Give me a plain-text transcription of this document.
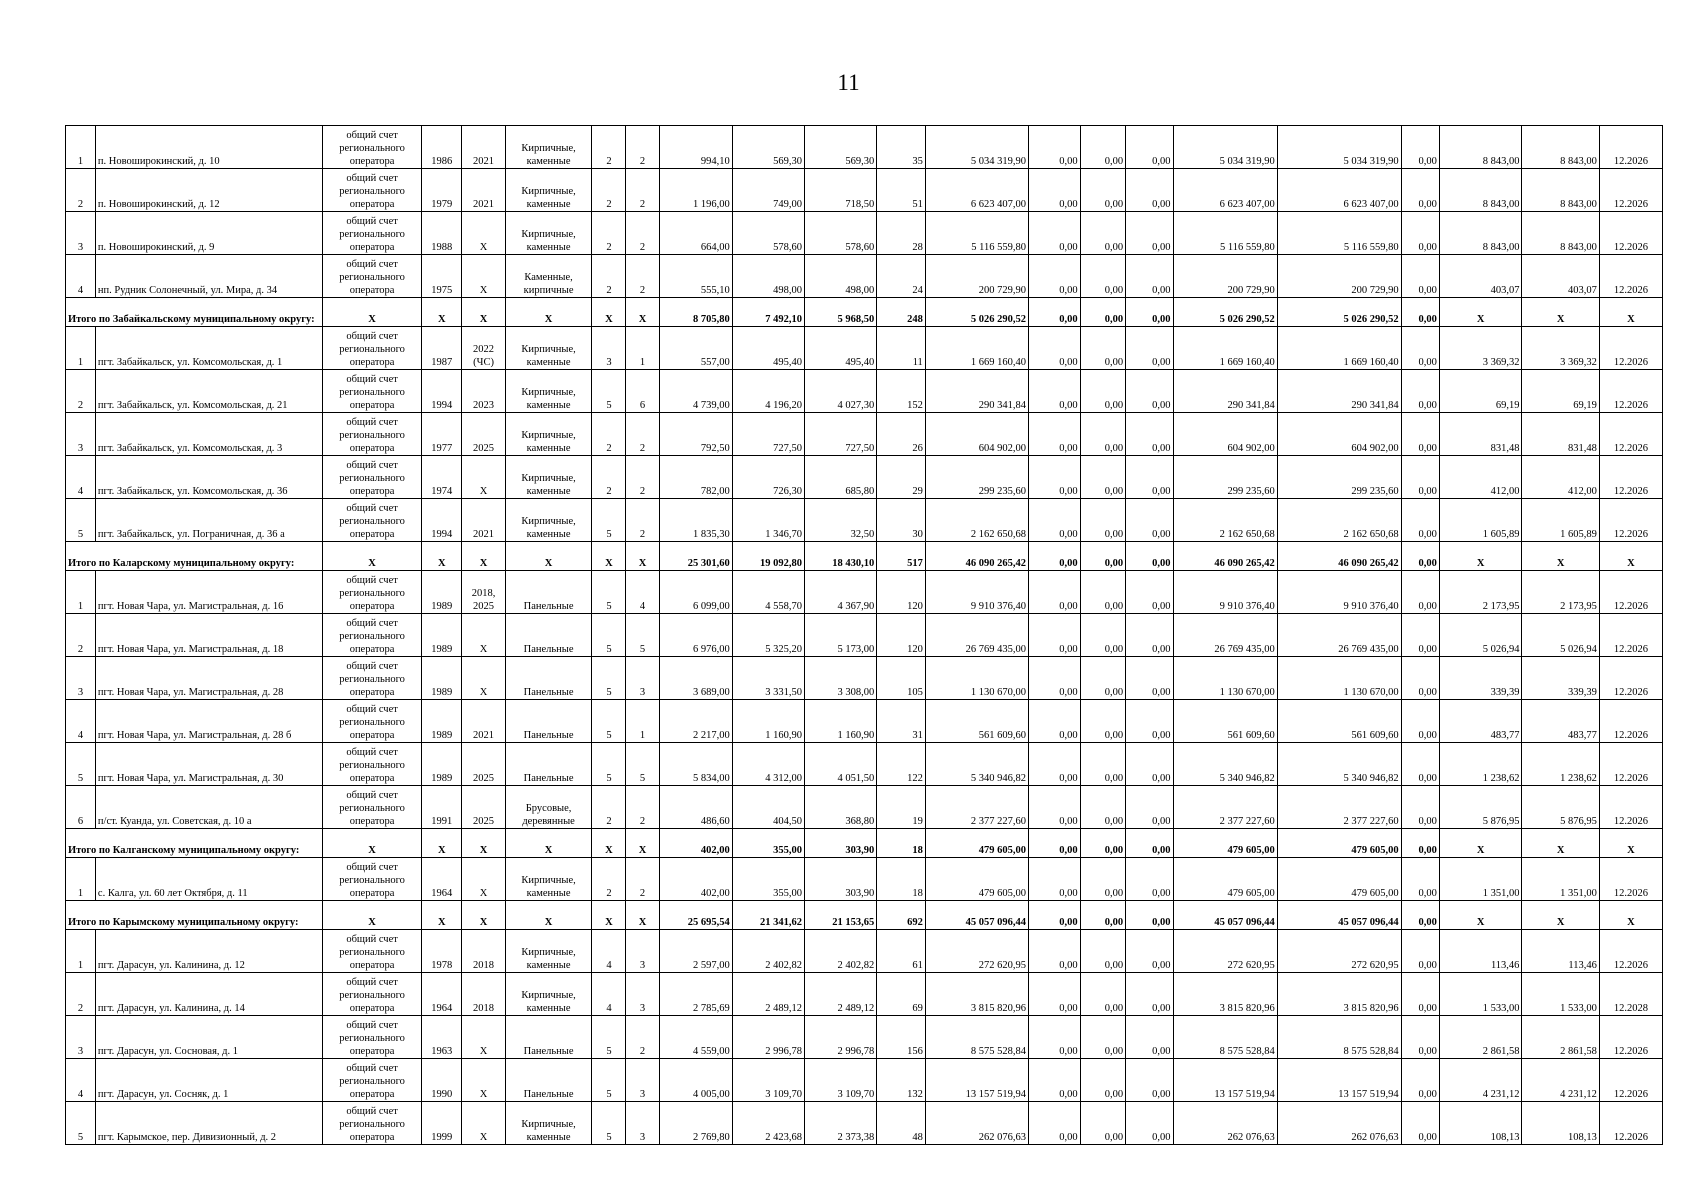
11
1	п. Новоширокинский, д. 10	общий счет регионального оператора	1986	2021	Кирпичные, каменные	2	2	994,10	569,30	569,30	35	5 034 319,90	0,00	0,00	0,00	5 034 319,90	5 034 319,90	0,00	8 843,00	8 843,00	12.2026
2	п. Новоширокинский, д. 12	общий счет регионального оператора	1979	2021	Кирпичные, каменные	2	2	1 196,00	749,00	718,50	51	6 623 407,00	0,00	0,00	0,00	6 623 407,00	6 623 407,00	0,00	8 843,00	8 843,00	12.2026
3	п. Новоширокинский, д. 9	общий счет регионального оператора	1988	Х	Кирпичные, каменные	2	2	664,00	578,60	578,60	28	5 116 559,80	0,00	0,00	0,00	5 116 559,80	5 116 559,80	0,00	8 843,00	8 843,00	12.2026
4	нп. Рудник Солонечный, ул. Мира, д. 34	общий счет регионального оператора	1975	Х	Каменные, кирпичные	2	2	555,10	498,00	498,00	24	200 729,90	0,00	0,00	0,00	200 729,90	200 729,90	0,00	403,07	403,07	12.2026
Итого по Забайкальскому муниципальному округу:		Х	Х	Х	Х	Х	Х	8 705,80	7 492,10	5 968,50	248	5 026 290,52	0,00	0,00	0,00	5 026 290,52	5 026 290,52	0,00	Х	Х	Х
1	пгт. Забайкальск, ул. Комсомольская, д. 1	общий счет регионального оператора	1987	2022 (ЧС)	Кирпичные, каменные	3	1	557,00	495,40	495,40	11	1 669 160,40	0,00	0,00	0,00	1 669 160,40	1 669 160,40	0,00	3 369,32	3 369,32	12.2026
2	пгт. Забайкальск, ул. Комсомольская, д. 21	общий счет регионального оператора	1994	2023	Кирпичные, каменные	5	6	4 739,00	4 196,20	4 027,30	152	290 341,84	0,00	0,00	0,00	290 341,84	290 341,84	0,00	69,19	69,19	12.2026
3	пгт. Забайкальск, ул. Комсомольская, д. 3	общий счет регионального оператора	1977	2025	Кирпичные, каменные	2	2	792,50	727,50	727,50	26	604 902,00	0,00	0,00	0,00	604 902,00	604 902,00	0,00	831,48	831,48	12.2026
4	пгт. Забайкальск, ул. Комсомольская, д. 36	общий счет регионального оператора	1974	Х	Кирпичные, каменные	2	2	782,00	726,30	685,80	29	299 235,60	0,00	0,00	0,00	299 235,60	299 235,60	0,00	412,00	412,00	12.2026
5	пгт. Забайкальск, ул. Пограничная, д. 36 а	общий счет регионального оператора	1994	2021	Кирпичные, каменные	5	2	1 835,30	1 346,70	32,50	30	2 162 650,68	0,00	0,00	0,00	2 162 650,68	2 162 650,68	0,00	1 605,89	1 605,89	12.2026
Итого по Каларскому муниципальному округу:		Х	Х	Х	Х	Х	Х	25 301,60	19 092,80	18 430,10	517	46 090 265,42	0,00	0,00	0,00	46 090 265,42	46 090 265,42	0,00	Х	Х	Х
1	пгт. Новая Чара, ул. Магистральная, д. 16	общий счет регионального оператора	1989	2018, 2025	Панельные	5	4	6 099,00	4 558,70	4 367,90	120	9 910 376,40	0,00	0,00	0,00	9 910 376,40	9 910 376,40	0,00	2 173,95	2 173,95	12.2026
2	пгт. Новая Чара, ул. Магистральная, д. 18	общий счет регионального оператора	1989	Х	Панельные	5	5	6 976,00	5 325,20	5 173,00	120	26 769 435,00	0,00	0,00	0,00	26 769 435,00	26 769 435,00	0,00	5 026,94	5 026,94	12.2026
3	пгт. Новая Чара, ул. Магистральная, д. 28	общий счет регионального оператора	1989	Х	Панельные	5	3	3 689,00	3 331,50	3 308,00	105	1 130 670,00	0,00	0,00	0,00	1 130 670,00	1 130 670,00	0,00	339,39	339,39	12.2026
4	пгт. Новая Чара, ул. Магистральная, д. 28 б	общий счет регионального оператора	1989	2021	Панельные	5	1	2 217,00	1 160,90	1 160,90	31	561 609,60	0,00	0,00	0,00	561 609,60	561 609,60	0,00	483,77	483,77	12.2026
5	пгт. Новая Чара, ул. Магистральная, д. 30	общий счет регионального оператора	1989	2025	Панельные	5	5	5 834,00	4 312,00	4 051,50	122	5 340 946,82	0,00	0,00	0,00	5 340 946,82	5 340 946,82	0,00	1 238,62	1 238,62	12.2026
6	п/ст. Куанда, ул. Советская, д. 10 а	общий счет регионального оператора	1991	2025	Брусовые, деревянные	2	2	486,60	404,50	368,80	19	2 377 227,60	0,00	0,00	0,00	2 377 227,60	2 377 227,60	0,00	5 876,95	5 876,95	12.2026
Итого по Калганскому муниципальному округу:		Х	Х	Х	Х	Х	Х	402,00	355,00	303,90	18	479 605,00	0,00	0,00	0,00	479 605,00	479 605,00	0,00	Х	Х	Х
1	с. Калга, ул. 60 лет Октября, д. 11	общий счет регионального оператора	1964	Х	Кирпичные, каменные	2	2	402,00	355,00	303,90	18	479 605,00	0,00	0,00	0,00	479 605,00	479 605,00	0,00	1 351,00	1 351,00	12.2026
Итого по Карымскому муниципальному округу:		Х	Х	Х	Х	Х	Х	25 695,54	21 341,62	21 153,65	692	45 057 096,44	0,00	0,00	0,00	45 057 096,44	45 057 096,44	0,00	Х	Х	Х
1	пгт. Дарасун, ул. Калинина, д. 12	общий счет регионального оператора	1978	2018	Кирпичные, каменные	4	3	2 597,00	2 402,82	2 402,82	61	272 620,95	0,00	0,00	0,00	272 620,95	272 620,95	0,00	113,46	113,46	12.2026
2	пгт. Дарасун, ул. Калинина, д. 14	общий счет регионального оператора	1964	2018	Кирпичные, каменные	4	3	2 785,69	2 489,12	2 489,12	69	3 815 820,96	0,00	0,00	0,00	3 815 820,96	3 815 820,96	0,00	1 533,00	1 533,00	12.2028
3	пгт. Дарасун, ул. Сосновая, д. 1	общий счет регионального оператора	1963	Х	Панельные	5	2	4 559,00	2 996,78	2 996,78	156	8 575 528,84	0,00	0,00	0,00	8 575 528,84	8 575 528,84	0,00	2 861,58	2 861,58	12.2026
4	пгт. Дарасун, ул. Сосняк, д. 1	общий счет регионального оператора	1990	Х	Панельные	5	3	4 005,00	3 109,70	3 109,70	132	13 157 519,94	0,00	0,00	0,00	13 157 519,94	13 157 519,94	0,00	4 231,12	4 231,12	12.2026
5	пгт. Карымское, пер. Дивизионный, д. 2	общий счет регионального оператора	1999	Х	Кирпичные, каменные	5	3	2 769,80	2 423,68	2 373,38	48	262 076,63	0,00	0,00	0,00	262 076,63	262 076,63	0,00	108,13	108,13	12.2026
